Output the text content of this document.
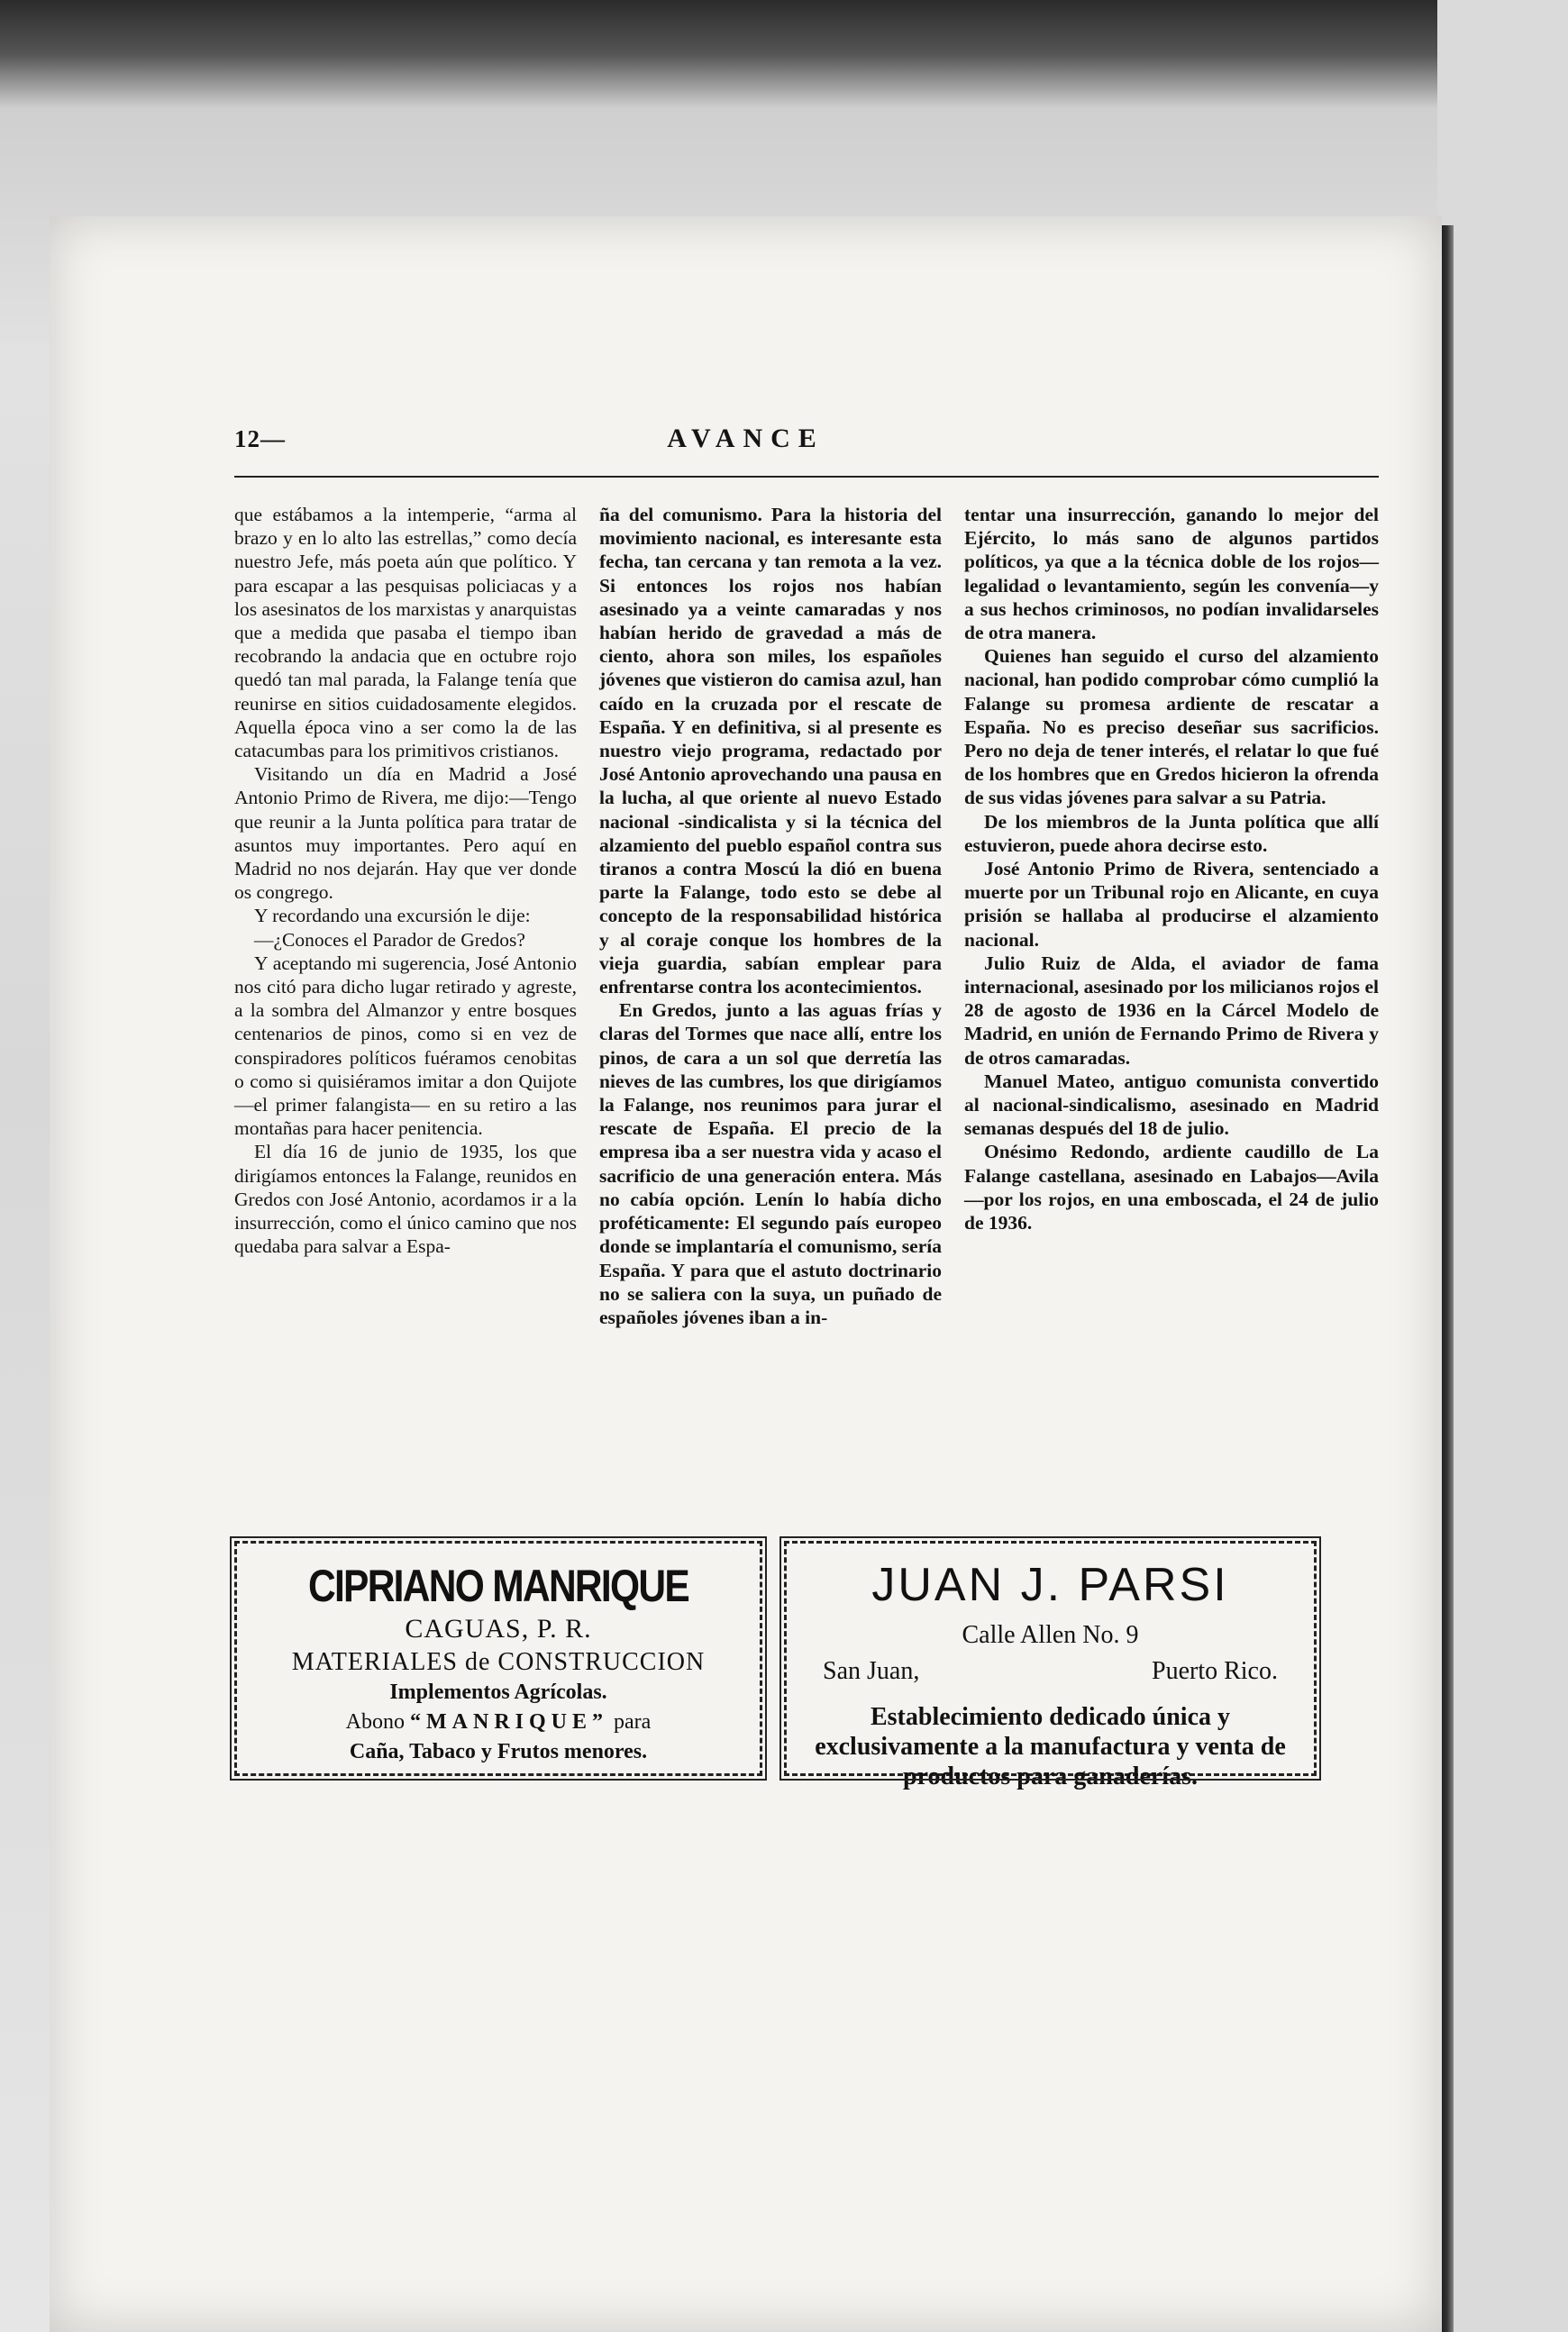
12—	AVANCE

que estábamos a la intemperie, “arma al brazo y en lo alto las estrellas,” como decía nuestro Jefe, más poeta aún que político. Y para escapar a las pesquisas policiacas y a los asesinatos de los marxistas y anarquistas que a medida que pasaba el tiempo iban recobrando la andacia que en octubre rojo quedó tan mal parada, la Falange tenía que reunirse en sitios cuidadosamente elegidos. Aquella época vino a ser como la de las catacumbas para los primitivos cristianos.

Visitando un día en Madrid a José Antonio Primo de Rivera, me dijo:—Tengo que reunir a la Junta política para tratar de asuntos muy importantes. Pero aquí en Madrid no nos dejarán. Hay que ver donde os congrego.

Y recordando una excursión le dije:

—¿Conoces el Parador de Gredos?

Y aceptando mi sugerencia, José Antonio nos citó para dicho lugar retirado y agreste, a la sombra del Almanzor y entre bosques centenarios de pinos, como si en vez de conspiradores políticos fuéramos cenobitas o como si quisiéramos imitar a don Quijote—el primer falangista— en su retiro a las montañas para hacer penitencia.

El día 16 de junio de 1935, los que dirigíamos entonces la Falange, reunidos en Gredos con José Antonio, acordamos ir a la insurrección, como el único camino que nos quedaba para salvar a Espa-

ña del comunismo. Para la historia del movimiento nacional, es interesante esta fecha, tan cercana y tan remota a la vez. Si entonces los rojos nos habían asesinado ya a veinte camaradas y nos habían herido de gravedad a más de ciento, ahora son miles, los españoles jóvenes que vistieron do camisa azul, han caído en la cruzada por el rescate de España. Y en definitiva, si al presente es nuestro viejo programa, redactado por José Antonio aprovechando una pausa en la lucha, al que oriente al nuevo Estado nacional -sindicalista y si la técnica del alzamiento del pueblo español contra sus tiranos a contra Moscú la dió en buena parte la Falange, todo esto se debe al concepto de la responsabilidad histórica y al coraje conque los hombres de la vieja guardia, sabían emplear para enfrentarse contra los acontecimientos.

En Gredos, junto a las aguas frías y claras del Tormes que nace allí, entre los pinos, de cara a un sol que derretía las nieves de las cumbres, los que dirigíamos la Falange, nos reunimos para jurar el rescate de España. El precio de la empresa iba a ser nuestra vida y acaso el sacrificio de una generación entera. Más no cabía opción. Lenín lo había dicho proféticamente: El segundo país europeo donde se implantaría el comunismo, sería España. Y para que el astuto doctrinario no se saliera con la suya, un puñado de españoles jóvenes iban a in-

tentar una insurrección, ganando lo mejor del Ejército, lo más sano de algunos partidos políticos, ya que a la técnica doble de los rojos—legalidad o levantamiento, según les convenía—y a sus hechos criminosos, no podían invalidarseles de otra manera.

Quienes han seguido el curso del alzamiento nacional, han podido comprobar cómo cumplió la Falange su promesa ardiente de rescatar a España. No es preciso deseñar sus sacrificios. Pero no deja de tener interés, el relatar lo que fué de los hombres que en Gredos hicieron la ofrenda de sus vidas jóvenes para salvar a su Patria.

De los miembros de la Junta política que allí estuvieron, puede ahora decirse esto.

José Antonio Primo de Rivera, sentenciado a muerte por un Tribunal rojo en Alicante, en cuya prisión se hallaba al producirse el alzamiento nacional.

Julio Ruiz de Alda, el aviador de fama internacional, asesinado por los milicianos rojos el 28 de agosto de 1936 en la Cárcel Modelo de Madrid, en unión de Fernando Primo de Rivera y de otros camaradas.

Manuel Mateo, antiguo comunista convertido al nacional-sindicalismo, asesinado en Madrid semanas después del 18 de julio.

Onésimo Redondo, ardiente caudillo de La Falange castellana, asesinado en Labajos—Avila—por los rojos, en una emboscada, el 24 de julio de 1936.

CIPRIANO MANRIQUE
CAGUAS, P. R.
MATERIALES de CONSTRUCCION
Implementos Agrícolas.
Abono “MANRIQUE” para
Caña, Tabaco y Frutos menores.
JUAN J. PARSI
Calle Allen No. 9
San Juan,	Puerto Rico.
Establecimiento dedicado única y exclusivamente a la manufactura y venta de productos para ganaderías.
